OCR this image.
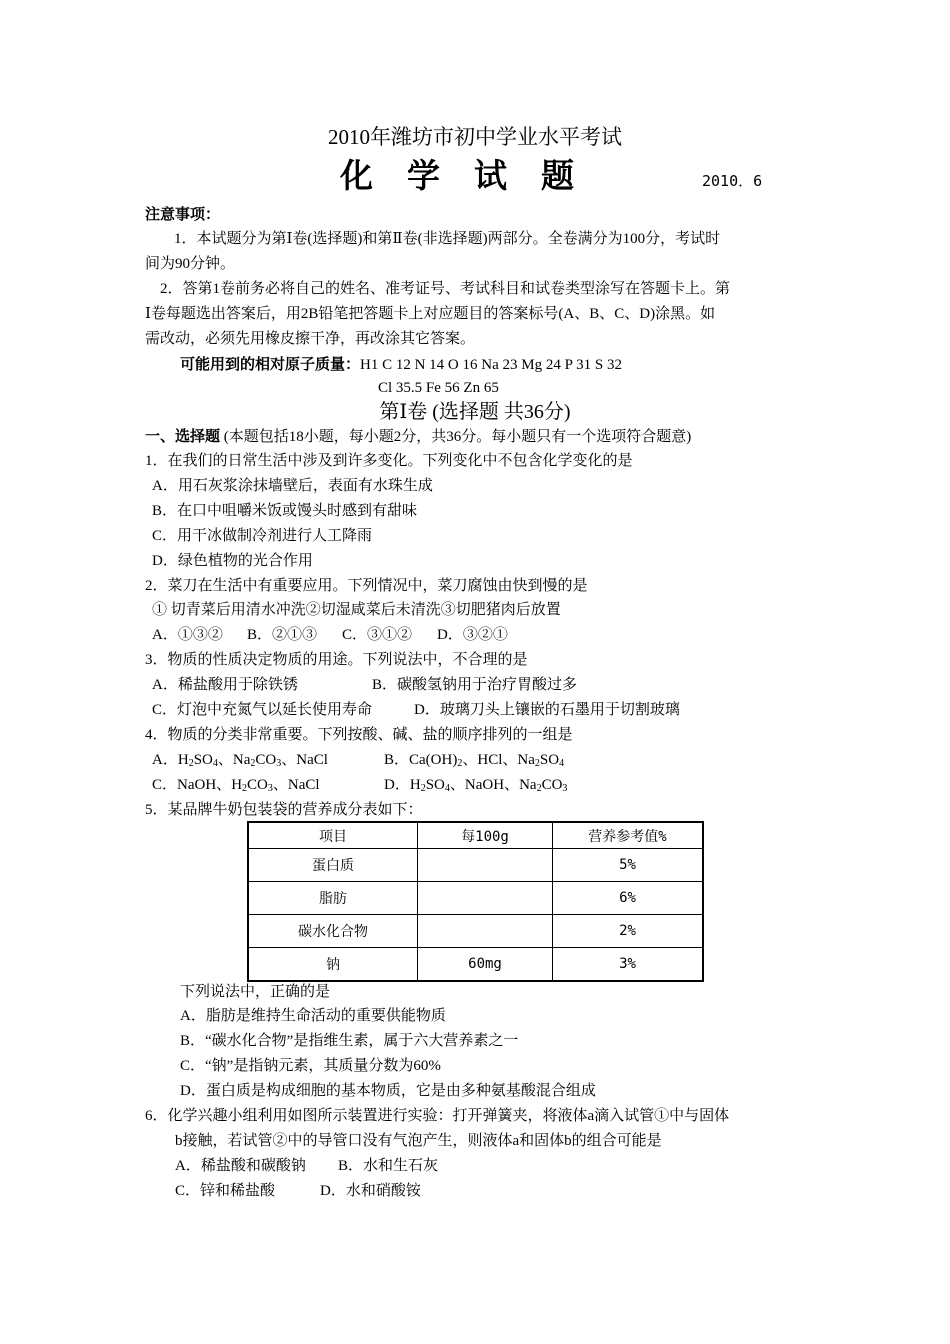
2010年潍坊市初中学业水平考试
化学试题	2010．6
注意事项：
1．本试题分为第Ⅰ卷(选择题)和第Ⅱ卷(非选择题)两部分。全卷满分为100分，考试时
间为90分钟。
2．答第1卷前务必将自己的姓名、准考证号、考试科目和试卷类型涂写在答题卡上。第
Ⅰ卷每题选出答案后，用2B铅笔把答题卡上对应题目的答案标号(A、B、C、D)涂黑。如
需改动，必须先用橡皮擦干净，再改涂其它答案。
可能用到的相对原子质量：H1 C 12 N 14 O 16 Na 23 Mg 24 P 31 S 32
Cl 35.5 Fe 56 Zn 65
第Ⅰ卷 (选择题 共36分)
一、选择题 (本题包括18小题，每小题2分，共36分。每小题只有一个选项符合题意)
1．在我们的日常生活中涉及到许多变化。下列变化中不包含化学变化的是
A．用石灰浆涂抹墙壁后，表面有水珠生成
B．在口中咀嚼米饭或馒头时感到有甜味
C．用干冰做制冷剂进行人工降雨
D．绿色植物的光合作用
2．菜刀在生活中有重要应用。下列情况中，菜刀腐蚀由快到慢的是
① 切青菜后用清水冲洗②切湿咸菜后未清洗③切肥猪肉后放置
A．①③② B．②①③ C．③①② D．③②①
3．物质的性质决定物质的用途。下列说法中，不合理的是
A．稀盐酸用于除铁锈	B．碳酸氢钠用于治疗胃酸过多
C．灯泡中充氮气以延长使用寿命	D．玻璃刀头上镶嵌的石墨用于切割玻璃
4．物质的分类非常重要。下列按酸、碱、盐的顺序排列的一组是
A．$H_2SO_4$、$Na_2CO_3$、NaCl	B．$Ca(OH)_2$、HCl、$Na_2SO_4$
C．NaOH、$H_2CO_3$、NaCl	D．$H_2SO_4$、NaOH、$Na_2CO_3$
5．某品牌牛奶包装袋的营养成分表如下：
项目	每100g	营养参考值%
蛋白质		5%
脂肪		6%
碳水化合物		2%
钠	60mg	3%
下列说法中，正确的是
A．脂肪是维持生命活动的重要供能物质
B．“碳水化合物”是指维生素，属于六大营养素之一
C．“钠”是指钠元素，其质量分数为60%
D．蛋白质是构成细胞的基本物质，它是由多种氨基酸混合组成
6．化学兴趣小组利用如图所示装置进行实验：打开弹簧夹，将液体a滴入试管①中与固体
b接触，若试管②中的导管口没有气泡产生，则液体a和固体b的组合可能是
A．稀盐酸和碳酸钠 B．水和生石灰
C．锌和稀盐酸	D．水和硝酸铵
